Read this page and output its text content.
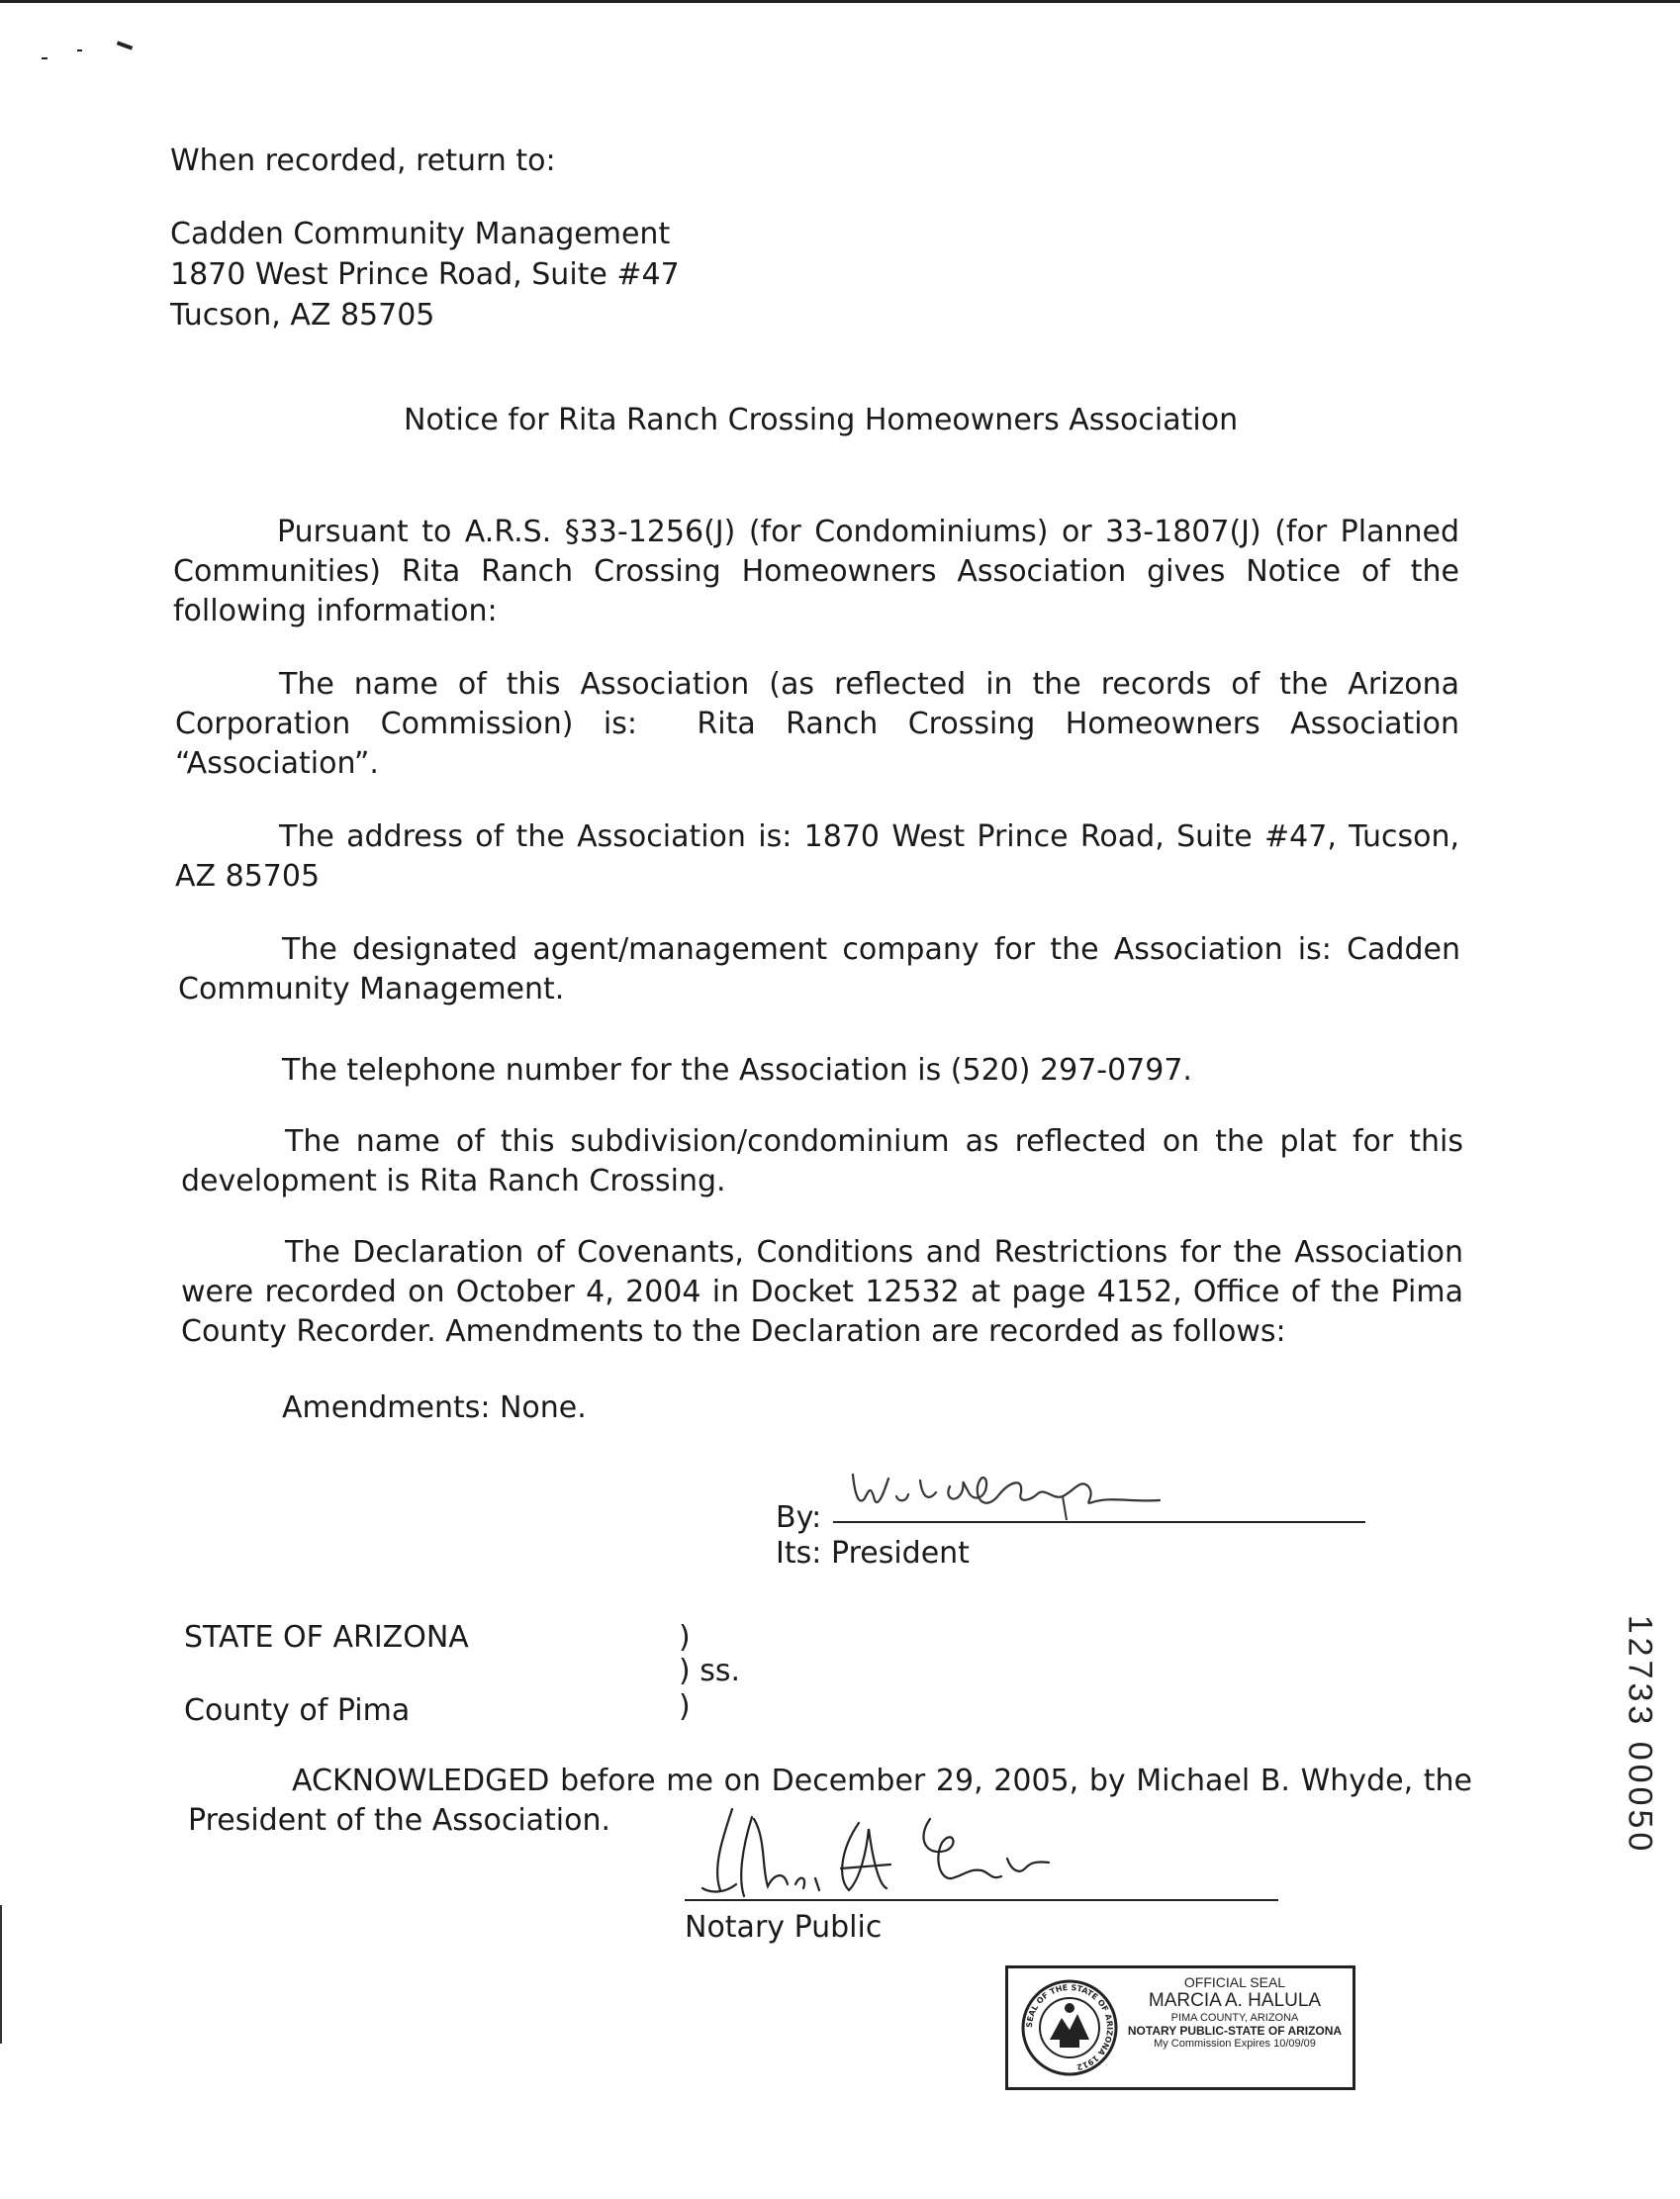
When recorded, return to:
Cadden Community Management
1870 West Prince Road, Suite #47
Tucson, AZ 85705
Notice for Rita Ranch Crossing Homeowners Association

Pursuant to A.R.S. §33-1256(J) (for Condominiums) or 33-1807(J) (for Planned Communities) Rita Ranch Crossing Homeowners Association gives Notice of the following information:

The name of this Association (as reflected in the records of the Arizona Corporation Commission) is:  Rita Ranch Crossing Homeowners Association “Association”.

The address of the Association is: 1870 West Prince Road, Suite #47, Tucson, AZ 85705

The designated agent/management company for the Association is: Cadden Community Management.

The telephone number for the Association is (520) 297-0797.

The name of this subdivision/condominium as reflected on the plat for this development is Rita Ranch Crossing.

The Declaration of Covenants, Conditions and Restrictions for the Association were recorded on October 4, 2004 in Docket 12532 at page 4152, Office of the Pima County Recorder. Amendments to the Declaration are recorded as follows:

Amendments: None.
By:
Its: President
STATE OF ARIZONA	)
) ss.
County of Pima	)

ACKNOWLEDGED before me on December 29, 2005, by Michael B. Whyde, the President of the Association.

Notary Public
SEAL OF THE STATE OF ARIZONA 1912
OFFICIAL SEAL
MARCIA A. HALULA
PIMA COUNTY, ARIZONA
NOTARY PUBLIC-STATE OF ARIZONA
My Commission Expires 10/09/09
12733 00050
